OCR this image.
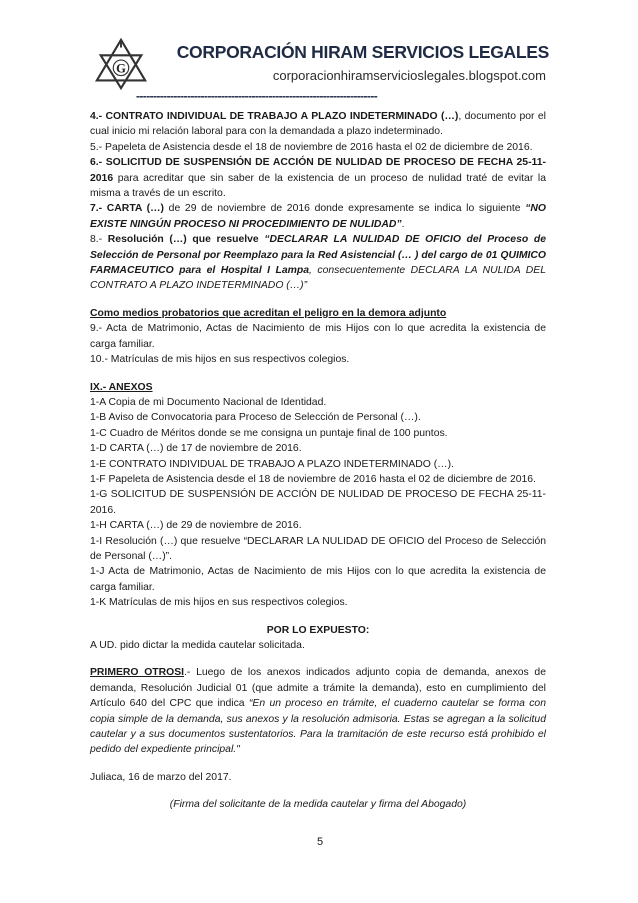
G
CORPORACIÓN HIRAM SERVICIOS LEGALES
corporacionhiramservicioslegales.blogspot.com
-----------------------------------------------------------------------

4.- CONTRATO INDIVIDUAL DE TRABAJO A PLAZO INDETERMINADO (…), documento por el cual inicio mi relación laboral para con la demandada a plazo indeterminado.

5.- Papeleta de Asistencia desde el 18 de noviembre de 2016 hasta el 02 de diciembre de 2016.

6.- SOLICITUD DE SUSPENSIÓN DE ACCIÓN DE NULIDAD DE PROCESO DE FECHA 25-11-2016 para acreditar que sin saber de la existencia de un proceso de nulidad traté de evitar la misma a través de un escrito.

7.- CARTA (…) de 29 de noviembre de 2016 donde expresamente se indica lo siguiente “NO EXISTE NINGÚN PROCESO NI PROCEDIMIENTO DE NULIDAD”.

8.- Resolución (…) que resuelve “DECLARAR LA NULIDAD DE OFICIO del Proceso de Selección de Personal por Reemplazo para la Red Asistencial (… ) del cargo de 01 QUIMICO FARMACEUTICO para el Hospital I Lampa, consecuentemente DECLARA LA NULIDA DEL CONTRATO A PLAZO INDETERMINADO (…)”

Como medios probatorios que acreditan el peligro en la demora adjunto

9.- Acta de Matrimonio, Actas de Nacimiento de mis Hijos con lo que acredita la existencia de carga familiar.

10.- Matrículas de mis hijos en sus respectivos colegios.

IX.- ANEXOS

1-A Copia de mi Documento Nacional de Identidad.

1-B Aviso de Convocatoria para Proceso de Selección de Personal (…).

1-C Cuadro de Méritos donde se me consigna un puntaje final de 100 puntos.

1-D CARTA (…) de 17 de noviembre de 2016.

1-E CONTRATO INDIVIDUAL DE TRABAJO A PLAZO INDETERMINADO (…).

1-F Papeleta de Asistencia desde el 18 de noviembre de 2016 hasta el 02 de diciembre de 2016.

1-G SOLICITUD DE SUSPENSIÓN DE ACCIÓN DE NULIDAD DE PROCESO DE FECHA 25-11-2016.

1-H CARTA (…) de 29 de noviembre de 2016.

1-I Resolución (…) que resuelve “DECLARAR LA NULIDAD DE OFICIO del Proceso de Selección de Personal (…)”.

1-J Acta de Matrimonio, Actas de Nacimiento de mis Hijos con lo que acredita la existencia de carga familiar.

1-K Matrículas de mis hijos en sus respectivos colegios.

POR LO EXPUESTO:

A UD. pido dictar la medida cautelar solicitada.

PRIMERO OTROSI.- Luego de los anexos indicados adjunto copia de demanda, anexos de demanda, Resolución Judicial 01 (que admite a trámite la demanda), esto en cumplimiento del Artículo 640 del CPC que indica “En un proceso en trámite, el cuaderno cautelar se forma con copia simple de la demanda, sus anexos y la resolución admisoria. Estas se agregan a la solicitud cautelar y a sus documentos sustentatorios. Para la tramitación de este recurso está prohibido el pedido del expediente principal."

Juliaca, 16 de marzo del 2017.

(Firma del solicitante de la medida cautelar y firma del Abogado)

5
